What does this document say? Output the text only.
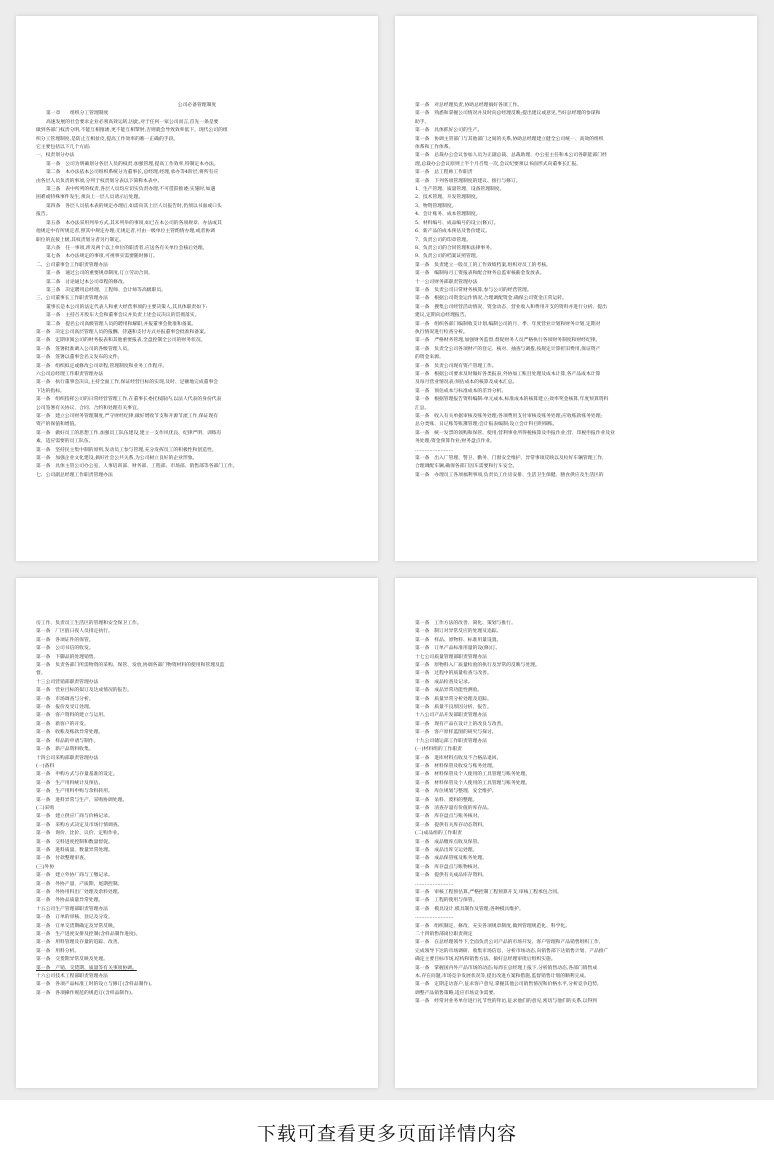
公司必备管理制度
第一章　　组织分工管理制度
高速发展的社会要求企业必须高效运转,因此,对于任何一家公司而言,首先一条是要
做到各部门权责分明,不能互相推诿,更不能互相掣肘,否则就会导致效率低下。现代公司的组
织分工管理制度,是防止互相扯皮,提高工作效率的唯一正确的手段。
它主要包括以下几个方面:
一、权责划分办法
第一条　公司为明确划分各层人员的权责,加强管理,提高工作效率,特制定本办法。
第二条　本办法依本公司组织系统分为董事长,总经理,经理,承办等4阶层,将所有应
由各层人员负责的事项,分列于权责划分表以下简称本表中。
第三条　表中所列的权责,各层人员均应切实负责办理,不可借辞推诿;实施时,如遇
困难或特殊事件发生,须向上一层人员请示后处理。
第四条　各层人员依本表的规定办理后,如需向其上层人员报告时,仍须以书面或口头
报告。
第五条　本办法采用列举方式,其未列举的事项,如已在本公司的各项规章、办法或其
他规定中有所规定者,照其中规定办理;无规定者,可由一级单位主管酌情办理,或者协调
职位的直接上级,其权责划分者另行制定。
第六条　任一事项,涉及两个以上单位的职责者,应送各有关单位会核后处理。
第七条　本办法规定的事项,可视事实需要随时修订。
二、公司董事会工作职责管理办法
第一条　通过公司的重要规章制度,订立劳动合同。
第二条　讨论通过本公司章程的修改。
第三条　决定聘用总经理、工程师、会计师等高级职员。
三、公司董事长工作职责管理办法
董事长是本公司的法定代表人和重大经营事项的主要决策人,其具体职责如下:
第一条　主持召开股东大会和董事会议并负责上述会议决议的贯彻落实。
第二条　提名公司高级管理人员的聘用和解职,并报董事会批准和备案。
第一条　决定公司高层管理人员的报酬、待遇和支付方式并报董事会批准和备案。
第一条　定期审阅公司的财务报表和其他重要报表,全盘控制全公司的财务状况。
第一条　签署批准调入公司的各级管理人员。
第一条　签署以董事会名义发布的文件。
第一条　组织拟定或修改公司章程,管理制度和业务工作程序。
六公司总经理工作职责管理办法
第一条　执行董事会决议,主持全面工作,保证经营目标的实现,及时、足额地完成董事会
下达的指标。
第一条　组织指挥公司的日常经营管理工作,在董事长委托权限内,以法人代表的身份代表
公司签署有关协议、合同、合约和处理有关事宜。
第一条　建立公司财务管理制度,严守财经纪律,做好增收节支和开源节流工作,保证现有
资产的保值和增值。
第一条　做好员工的思想工作,加强员工队伍建设,建立一支作风优良、纪律严明、训练有
素、适应需要的员工队伍。
第一条　坚持民主集中制的原则,发动员工参与管理,充分发挥员工的积极性和创造性。
第一条　加强企业文化建设,搞好社会公共关系,为公司树立良好的企业形象。
第一条　具体主管公司办公室、人事培训部、财务部、工程部、市场部、销售部等各部门工作。
七、公司副总经理工作职责管理办法
第一条　对总经理负责,协助总经理搞好各项工作。
第一条　熟悉和掌握公司情况并及时向总经理反映;提出建议或意见,当好总经理的参谋和
助手。
第一条　具体抓好公司的生产。
第一条　协调主管部门与其他部门之间的关系,协助总经理建立健全公司统一、高效的组织
体系和工作体系。
第一条　总裁办公会议参加人员为正副总裁、总裁助理、办公室主任和本公司各职能部门经
理,总裁办公会议原则上半个月召集一次,会议纪要须以书面形式向董事长汇报。
第一条　总工程师工作职责
第一条　下列各项管理制度的建议、推行与修订。
1、生产管理、质量管理、设备管理制度。
2、技术管理、开发管理制度。
3、物资管理制度。
4、会计账务、成本管理制度。
5、材料编号、成品编号的设立(修)订。
6、新产品的成本预估及售价建议。
7、负责公司的印章管理。
8、负责公司的合同管理和法律事务。
9、负责公司的档案证照管理。
第一条　负责建立一般员工的工作效绩档案,组织对员工的考核。
第一条　编制每月工资报表和配合财务总监审核薪金发放表。
十一公司财务部职责管理办法
第一条　负责公司日常财务核算,参与公司的经营管理。
第一条　根据公司资金运作情况,合理调配资金,确保公司资金正常运转。
第一条　搜集公司经营活动情况、资金动态、营业收入和费用开支的资料并进行分析、提出
建议,定期向总经理报告。
第一条　组织各部门编制收支计划,编制公司的月、季、年度营业计划和财务计划,定期对
执行情况进行检查分析。
第一条　严格财务管理,加强财务监督,督促财务人员严格执行各项财务制度和财经纪律。
第一条　负责全公司各项财产的登记、核对、抽查与调拨,按规定计算折旧费用,保证资产
的资金来源。
第一条　负责公司现有资产管理工作。
第一条　根据公司要求及时做好各类报表,外协加工账目处理及成本计算,各产品成本计算
及每月营业情况表;预估成本的核算及成本汇总。
第一条　预估成本与标准成本的差异分析。
第一条　根据管理报告资料编制:单元成本,标准成本的核算建立;效率奖金核算,年度预算资料
汇总。
第一条　收入有关单据审核及账务处理;各项费用支付审核及账务处理;应收账款账务处理;
总分类账、日记账等账簿管理;会计报表编制;设立会计科目明细账。
第一条　统一发票的领购和保管、使用;营利事业所得税核算及申报作业;营、印税申报作业及业
务处理;资金预算作业;财务盘点作业。
……………………
第一条　出入厂管理、警卫、勤务、门窗安全维护、异常事项反映以及检好车辆管理工作,
合理调配车辆,确保各部门因车需要和行车安全。
第一条　办理员工各项福利事项,负责员工住房安排、生活卫生保健、膳食供应及生活区的
房工作、负责员工生活区的管理和安全保卫工作。
第一条　厂区值日夜人员排定执行。
第一条　各项证件的保管。
第一条　公司书信的收发。
第一条　下脚品的处理销售。
第一条　负责各部门所需物资的采购、保管、发放,协调各部门物资材料的使用和管理及监
督。
十三公司营销部职责管理办法
第一条　营业目标的拟订及达成情况的报告。
第一条　市场调查与分析。
第一条　报价及受订处理。
第一条　客户资料的建立与运用。
第一条　新客户的开发。
第一条　收账及账款异常处理。
第一条　样品的申请与制作。
第一条　新产品资料收集。
十四公司采购部职责管理办法
(一)备料
第一条　申购方式与存量基准的设定。
第一条　生产用料统计及预估。
第一条　生产用料申购与余料转用。
第一条　进料异常与生产、采购协调处理。
(二)采购
第一条　建立供应厂商与价格记录。
第一条　采购方式决定及市场行情调查。
第一条　询价、比价、议价、定购作业。
第一条　交料进度控制和数量督促。
第一条　进料质量、数量异常处理。
第一条　付款整理审查。
(三)外协
第一条　建立外协厂商与工缴记录。
第一条　外协产量、产质期、尾期控制。
第一条　外协用料出厂处理及余料处理。
第一条　外协品质量异常处理。
十五公司生产管理部职责管理办法
第一条　订单的审核、登记及分发。
第一条　订单交货期确定及异常反映。
第一条　生产进度安排及控制(含样品制作进度)。
第一条　用料管理及存量的追踪、改善。
第一条　用料分析。
第一条　交货期异常反映及处理。
第一条　产销、交货期、质量等有关事项协调。
十六公司技术工程部职责管理办法
第一条　各项产品标准工时的设立与修订(含样品制作)。
第一条　各项操作规范的规范订(含样品制作)。
第一条　工作方法的改善、简化、策划与推行。
第一条　制订对异常反应的处理及追踪。
第一条　样品、原物料、标准用量设置。
第一条　订单产品标准用量的设(修)订。
十七公司质量管理部职责管理办法
第一条　原物料入厂质量检验的执行及异常的反映与处理。
第一条　过程中的质量检查与改善。
第一条　成品检查及记录。
第一条　成品异常功能性测验。
第一条　质量异常分析处理及追踪。
第一条　质量不良原因分析、报告。
十八公司产品开发部职责管理办法
第一条　现有产品在设计上的改良与改善。
第一条　客户原样蓝图的研究与探讨。
十九公司储运部工作职责管理办法
(一)材料组的工作职责
第一条　进库材料点收及不合格品退回。
第一条　材料保管及收发与账务处理。
第一条　材料保管及个人使用的工具管理与账务处理。
第一条　材料保管及个人使用的工具管理与账务处理。
第一条　库位规划与整理、安全维护。
第一条　呆料、废料的整理。
第一条　清查存量有价值的库存品。
第一条　库存盘点与账务核对。
第一条　提供有关库存动态资料。
(二)成品组的工作职责
第一条　成品缴库点收及保管。
第一条　成品出库交运处理。
第一条　成品保管账及账务处理。
第一条　库存盘点与账物核对。
第一条　提供有关成品库存资料。
……………………
第一条　审核工程预估算,严格控制工程预算开支,审核工程承包合同。
第一条　工程的使用与保管。
第一条　模具设计,模具制作及管理;各种模具维护。
……………………
第一条　组织制定、修改、充实各项规章制度,做到管理规范化、科学化。
二十四销售部岗位职责规定
第一条　在总经理领导下,全面负责公司产品的市场开发、客户管理和产品销售组织工作,
完成领导下达的市场调研、收集市场信息、分析市场动态,向销售部下达销售计划、产品推广
确定主要目标市场,结构和销售方法。搞好总经理审批后组织实施。
第一条　掌握国内外产品市场的动态;每周在总经理上报下,分析销售动态,各部门销售成
本,存在问题,市场竞争发展状况等,提出改进方案和措施,监督销售计划的顺利完成。
第一条　定期走访客户,征求客户意见,掌握其他公司销售情况和价格水平,分析竞争趋势,
调整产品销售策略,适应市场竞争需要。
第一条　经常对业务单位进行礼节性的拜访,征求他们的意见,密切与他们的关系,以得到
下载可查看更多页面详情内容
